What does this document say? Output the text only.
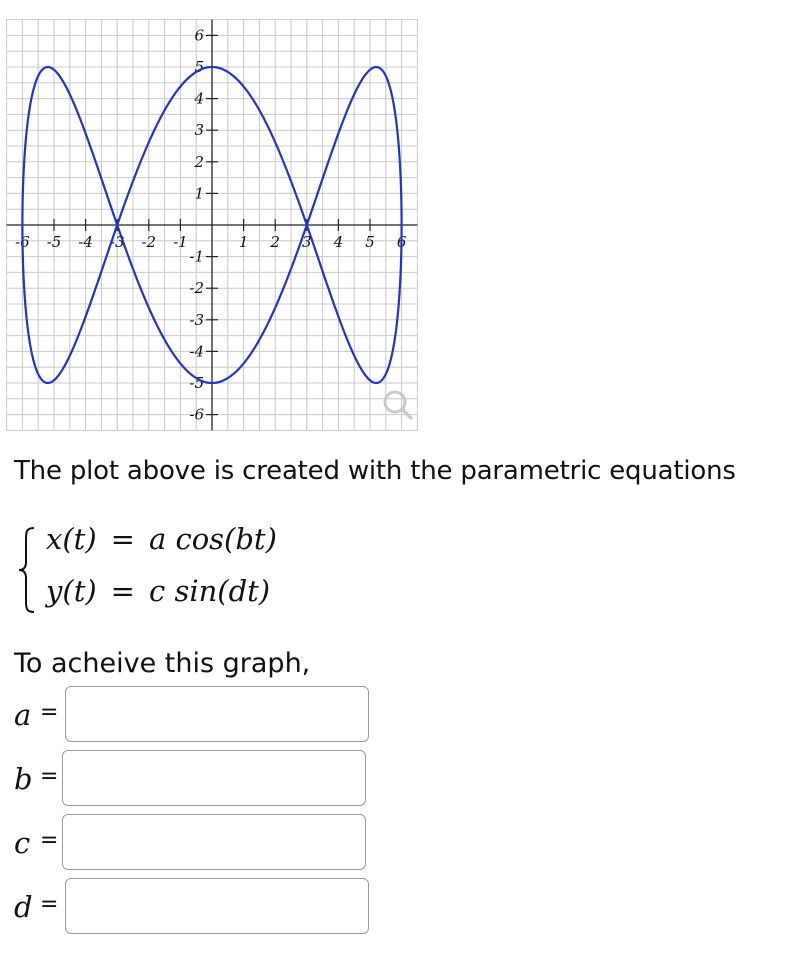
-6 -5 -4 -3 -2 -1	1 2 3 4 5 6
6
5
4
3
2
1
-1
-2
-3
-4
-5
-6
The plot above is created with the parametric equations
x(t) = a cos(bt)
y(t) = c sin(dt)
To acheive this graph,
a =
b =
c =
d =
